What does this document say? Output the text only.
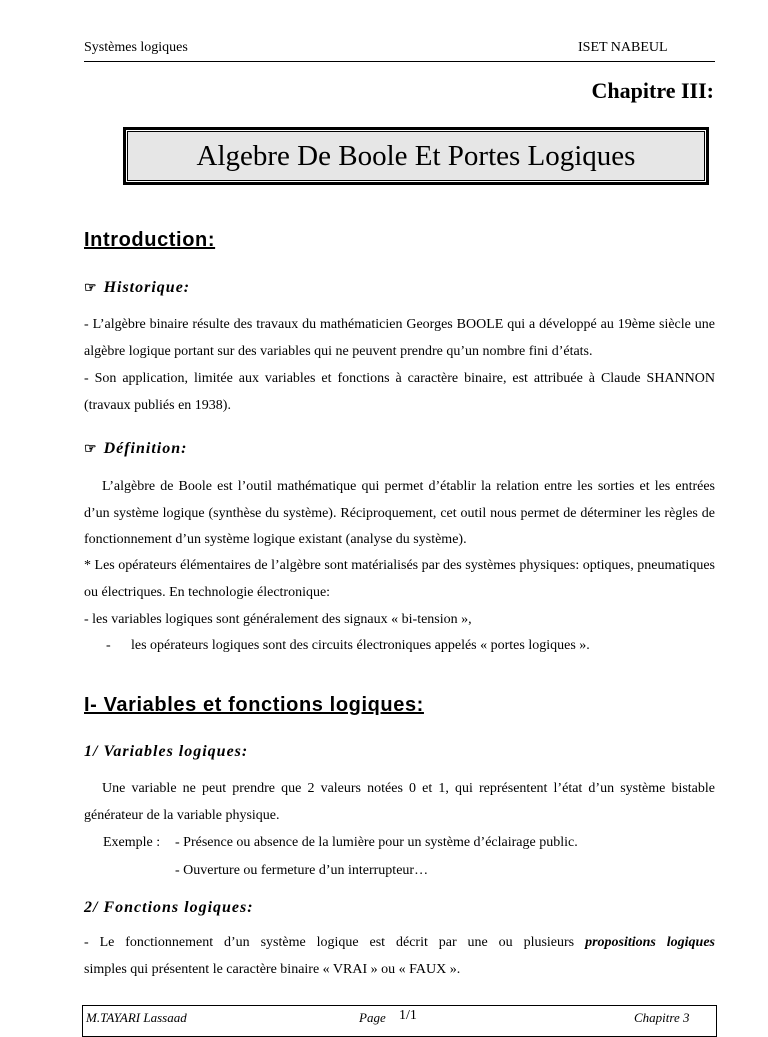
Systèmes logiques	ISET NABEUL
Chapitre III:
Algebre De Boole Et Portes Logiques
Introduction:
☞ Historique:
- L’algèbre binaire résulte des travaux du mathématicien Georges BOOLE qui a développé au 19ème siècle une algèbre logique portant sur des variables qui ne peuvent prendre qu’un nombre fini d’états.
- Son application, limitée aux variables et fonctions à caractère binaire, est attribuée à Claude SHANNON (travaux publiés en 1938).
☞ Définition:
L’algèbre de Boole est l’outil mathématique qui permet d’établir la relation entre les sorties et les entrées d’un système logique (synthèse du système). Réciproquement, cet outil nous permet de déterminer les règles de fonctionnement d’un système logique existant (analyse du système).
* Les opérateurs élémentaires de l’algèbre sont matérialisés par des systèmes physiques: optiques, pneumatiques ou électriques. En technologie électronique:
- les variables logiques sont généralement des signaux « bi-tension »,
- les opérateurs logiques sont des circuits électroniques appelés « portes logiques ».
I- Variables et fonctions logiques:
1/ Variables logiques:
Une variable ne peut prendre que 2 valeurs notées 0 et 1, qui représentent l’état d’un système bistable générateur de la variable physique.
Exemple : - Présence ou absence de la lumière pour un système d’éclairage public.
- Ouverture ou fermeture d’un interrupteur…
2/ Fonctions logiques:
- Le fonctionnement d’un système logique est décrit par une ou plusieurs propositions logiques
simples qui présentent le caractère binaire « VRAI » ou « FAUX ».
M.TAYARI Lassaad	Page 1/1	Chapitre 3
